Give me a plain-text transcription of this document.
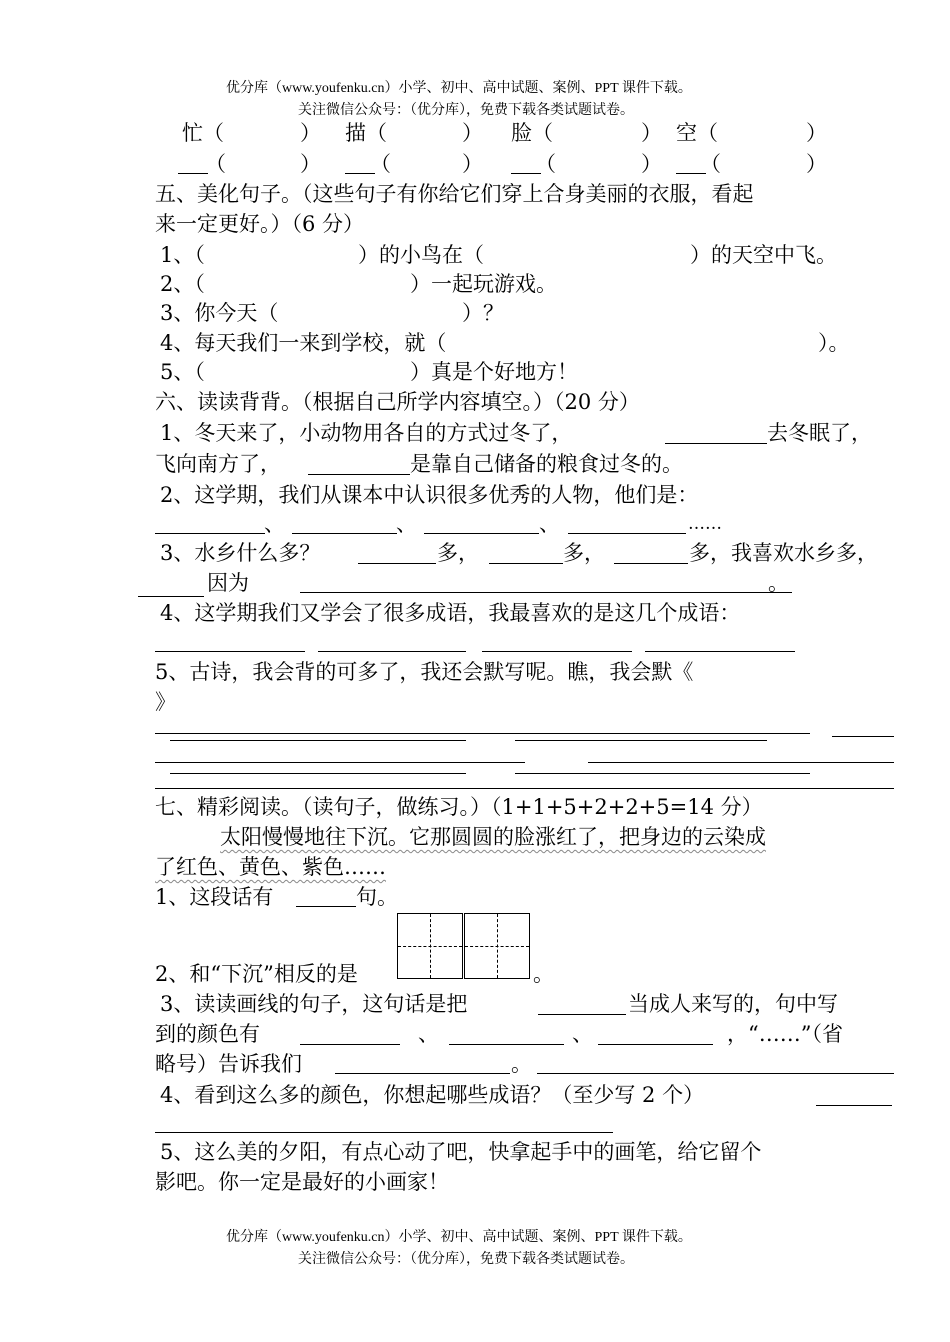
优分库（www.youfenku.cn）小学、初中、高中试题、案例、PPT 课件下载。
关注微信公众号：（优分库），免费下载各类试题试卷。
忙（	） 描（	） 脸（	） 空（	）
（	） （	） （	） （	）
五、美化句子。（这些句子有你给它们穿上合身美丽的衣服，看起
来一定更好。）（6 分）
1、（	）的小鸟在（	）的天空中飞。
2、（	）一起玩游戏。
3、你今天（	）？
4、每天我们一来到学校，就（	）。
5、（	）真是个好地方！
六、读读背背。（根据自己所学内容填空。）（20 分）
1、冬天来了，小动物用各自的方式过冬了，	去冬眠了，
飞向南方了，	是靠自己储备的粮食过冬的。
2、这学期，我们从课本中认识很多优秀的人物，他们是：
、	、	、	……
3、水乡什么多？	多，	多，	多，我喜欢水乡多，
因为	。
4、这学期我们又学会了很多成语，我最喜欢的是这几个成语：
5、古诗，我会背的可多了，我还会默写呢。瞧，我会默《
》
七、精彩阅读。（读句子，做练习。）（1+1+5+2+2+5=14 分）
太阳慢慢地往下沉。它那圆圆的脸涨红了，把身边的云染成
了红色、黄色、紫色……
1、这段话有	句。
2、和“下沉”相反的是	。
3、读读画线的句子，这句话是把	当成人来写的，句中写
到的颜色有	、	、	，“……”（省
略号）告诉我们	。
4、看到这么多的颜色，你想起哪些成语？（至少写 2 个）
5、这么美的夕阳，有点心动了吧，快拿起手中的画笔，给它留个
影吧。你一定是最好的小画家！
优分库（www.youfenku.cn）小学、初中、高中试题、案例、PPT 课件下载。
关注微信公众号：（优分库），免费下载各类试题试卷。
